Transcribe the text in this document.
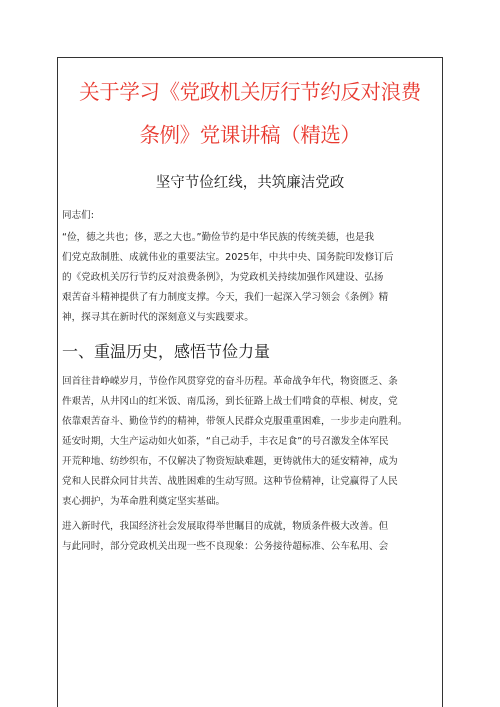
关于学习《党政机关厉行节约反对浪费
条例》党课讲稿（精选）
坚守节俭红线，共筑廉洁党政
同志们:
“俭，德之共也；侈，恶之大也。”勤俭节约是中华民族的传统美德，也是我
们党克敌制胜、成就伟业的重要法宝。2025年，中共中央、国务院印发修订后
的《党政机关厉行节约反对浪费条例》，为党政机关持续加强作风建设、弘扬
艰苦奋斗精神提供了有力制度支撑。今天，我们一起深入学习领会《条例》精
神，探寻其在新时代的深刻意义与实践要求。
一、重温历史，感悟节俭力量
回首往昔峥嵘岁月，节俭作风贯穿党的奋斗历程。革命战争年代，物资匮乏、条
件艰苦，从井冈山的红米饭、南瓜汤，到长征路上战士们啃食的草根、树皮，党
依靠艰苦奋斗、勤俭节约的精神，带领人民群众克服重重困难，一步步走向胜利。
延安时期，大生产运动如火如荼，“自己动手，丰衣足食”的号召激发全体军民
开荒种地、纺纱织布，不仅解决了物资短缺难题，更铸就伟大的延安精神，成为
党和人民群众同甘共苦、战胜困难的生动写照。这种节俭精神，让党赢得了人民
衷心拥护，为革命胜利奠定坚实基础。
进入新时代，我国经济社会发展取得举世瞩目的成就，物质条件极大改善。但
与此同时，部分党政机关出现一些不良现象：公务接待超标准、公车私用、会
